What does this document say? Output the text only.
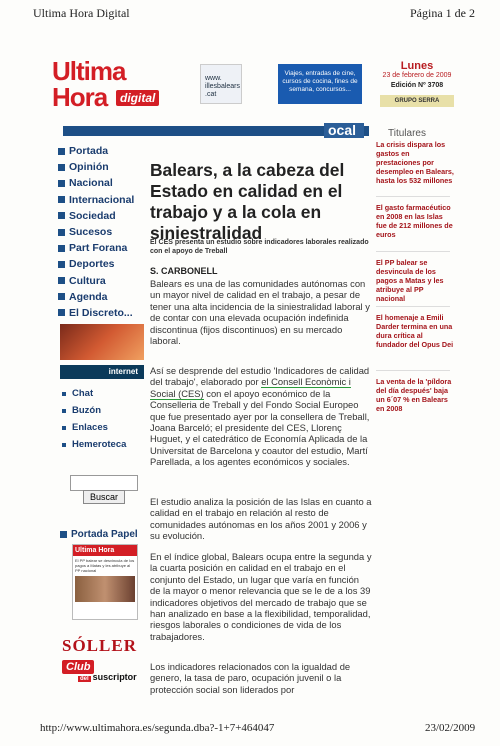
Ultima Hora Digital	Página 1 de 2
http://www.ultimahora.es/segunda.dba?-1+7+464047	23/02/2009
Ultima
Hora	digital
www. illesbalears .cat
Viajes, entradas de cine, cursos de cocina, fines de semana, concursos...
Lunes
23 de febrero de 2009
Edición Nº 3708
GRUPO SERRA
ocal
Portada
Opinión
Nacional
Internacional
Sociedad
Sucesos
Part Forana
Deportes
Cultura
Agenda
El Discreto...
internet
Chat
Buzón
Enlaces
Hemeroteca
Buscar
Portada Papel
Ultima Hora
El PP balear se desvincula de los pagos a Matas y les atribuye al PP nacional
SÓLLER
Club
del suscriptor
Balears, a la cabeza del Estado en calidad en el trabajo y a la cola en siniestralidad
El CES presenta un estudio sobre indicadores laborales realizado con el apoyo de Treball
S. CARBONELL
Balears es una de las comunidades autónomas con un mayor nivel de calidad en el trabajo, a pesar de tener una alta incidencia de la siniestralidad laboral y de contar con una elevada ocupación indefinida discontinua (fijos discontinuos) en su mercado laboral.
Así se desprende del estudio 'Indicadores de calidad del trabajo', elaborado por el Consell Econòmic i Social (CES) con el apoyo económico de la Conselleria de Treball y del Fondo Social Europeo que fue presentado ayer por la consellera de Treball, Joana Barceló; el presidente del CES, Llorenç Huguet, y el catedrático de Economía Aplicada de la Universitat de Barcelona y coautor del estudio, Martí Parellada, a los agentes económicos y sociales.
El estudio analiza la posición de las Islas en cuanto a calidad en el trabajo en relación al resto de comunidades autónomas en los años 2001 y 2006 y su evolución.
En el índice global, Balears ocupa entre la segunda y la cuarta posición en calidad en el trabajo en el conjunto del Estado, un lugar que varía en función de la mayor o menor relevancia que se le de a los 39 indicadores objetivos del mercado de trabajo que se han analizado en base a la flexibilidad, temporalidad, riesgos laborales o condiciones de vida de los trabajadores.
Los indicadores relacionados con la igualdad de genero, la tasa de paro, ocupación juvenil o la protección social son liderados por
Titulares
La crisis dispara los gastos en prestaciones por desempleo en Balears, hasta los 532 millones
El gasto farmacéutico en 2008 en las Islas fue de 212 millones de euros
El PP balear se desvincula de los pagos a Matas y les atribuye al PP nacional
El homenaje a Emili Darder termina en una dura crítica al fundador del Opus Dei
La venta de la 'píldora del día después' baja un 6´07 % en Balears en 2008
